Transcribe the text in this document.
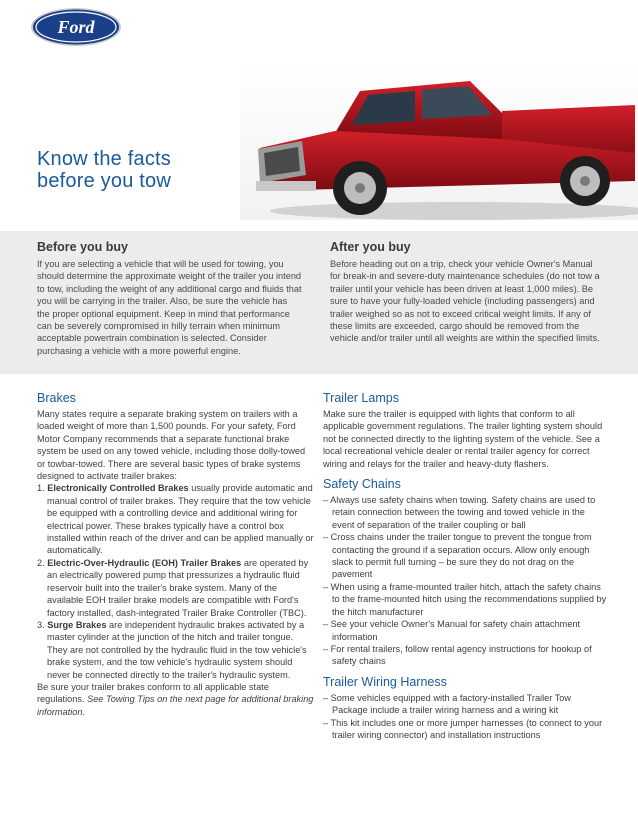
Ford
Know the facts
before you tow
Before you buy

If you are selecting a vehicle that will be used for towing, you should determine the approximate weight of the trailer you intend to tow, including the weight of any additional cargo and fluids that you will be carrying in the trailer. Also, be sure the vehicle has the proper optional equipment. Keep in mind that performance can be severely compromised in hilly terrain when minimum acceptable powertrain combination is selected. Consider purchasing a vehicle with a more powerful engine.

After you buy

Before heading out on a trip, check your vehicle Owner's Manual for break-in and severe-duty maintenance schedules (do not tow a trailer until your vehicle has been driven at least 1,000 miles). Be sure to have your fully-loaded vehicle (including passengers) and trailer weighed so as not to exceed critical weight limits. If any of these limits are exceeded, cargo should be removed from the vehicle and/or trailer until all weights are within the specified limits.

Brakes

Many states require a separate braking system on trailers with a loaded weight of more than 1,500 pounds. For your safety, Ford Motor Company recommends that a separate functional brake system be used on any towed vehicle, including those dolly-towed or towbar-towed. There are several basic types of brake systems designed to activate trailer brakes:

1. Electronically Controlled Brakes usually provide automatic and manual control of trailer brakes. They require that the tow vehicle be equipped with a controlling device and additional wiring for electrical power. These brakes typically have a control box installed within reach of the driver and can be applied manually or automatically.
2. Electric-Over-Hydraulic (EOH) Trailer Brakes are operated by an electrically powered pump that pressurizes a hydraulic fluid reservoir built into the trailer's brake system. Many of the available EOH trailer brake models are compatible with Ford's factory installed, dash-integrated Trailer Brake Controller (TBC).
3. Surge Brakes are independent hydraulic brakes activated by a master cylinder at the junction of the hitch and trailer tongue. They are not controlled by the hydraulic fluid in the tow vehicle's brake system, and the tow vehicle's hydraulic system should never be connected directly to the trailer's hydraulic system.

Be sure your trailer brakes conform to all applicable state regulations. See Towing Tips on the next page for additional braking information.

Trailer Lamps

Make sure the trailer is equipped with lights that conform to all applicable government regulations. The trailer lighting system should not be connected directly to the lighting system of the vehicle. See a local recreational vehicle dealer or rental trailer agency for correct wiring and relays for the trailer and heavy-duty flashers.

Safety Chains
– Always use safety chains when towing. Safety chains are used to retain connection between the towing and towed vehicle in the event of separation of the trailer coupling or ball
– Cross chains under the trailer tongue to prevent the tongue from contacting the ground if a separation occurs. Allow only enough slack to permit full turning – be sure they do not drag on the pavement
– When using a frame-mounted trailer hitch, attach the safety chains to the frame-mounted hitch using the recommendations supplied by the hitch manufacturer
– See your vehicle Owner's Manual for safety chain attachment information
– For rental trailers, follow rental agency instructions for hookup of safety chains
Trailer Wiring Harness
– Some vehicles equipped with a factory-installed Trailer Tow Package include a trailer wiring harness and a wiring kit
– This kit includes one or more jumper harnesses (to connect to your trailer wiring connector) and installation instructions
